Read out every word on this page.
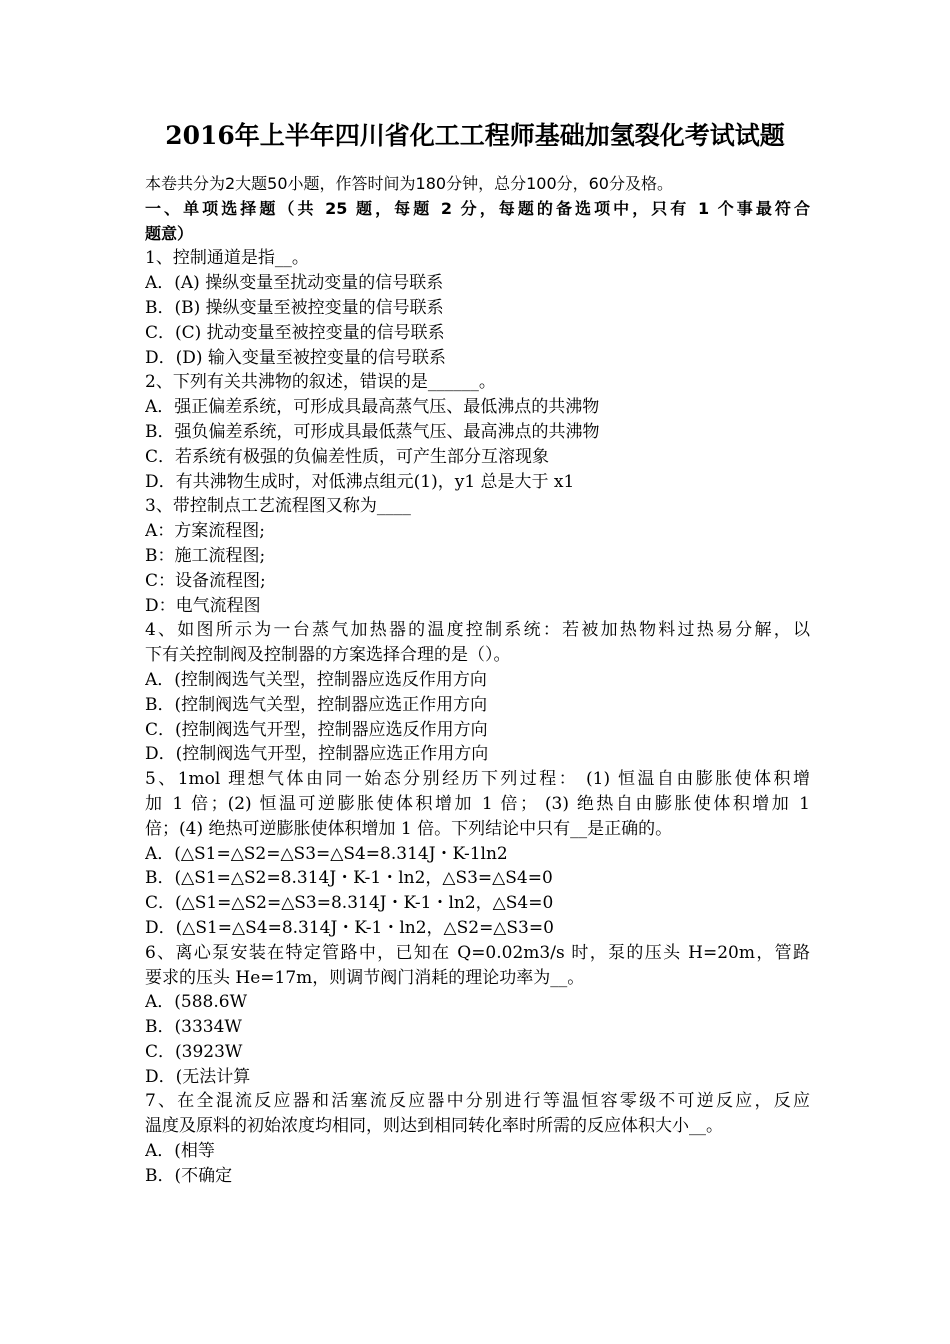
2016年上半年四川省化工工程师基础加氢裂化考试试题
本卷共分为2大题50小题，作答时间为180分钟，总分100分，60分及格。
一、单项选择题（共 25 题，每题 2 分，每题的备选项中，只有 1 个事最符合
题意）
1、控制通道是指__。
A．(A) 操纵变量至扰动变量的信号联系
B．(B) 操纵变量至被控变量的信号联系
C．(C) 扰动变量至被控变量的信号联系
D．(D) 输入变量至被控变量的信号联系
2、下列有关共沸物的叙述，错误的是______。
A．强正偏差系统，可形成具最高蒸气压、最低沸点的共沸物
B．强负偏差系统，可形成具最低蒸气压、最高沸点的共沸物
C．若系统有极强的负偏差性质，可产生部分互溶现象
D．有共沸物生成时，对低沸点组元(1)，y1 总是大于 x1
3、带控制点工艺流程图又称为____
A：方案流程图;
B：施工流程图;
C：设备流程图;
D：电气流程图
4、如图所示为一台蒸气加热器的温度控制系统：若被加热物料过热易分解，以
下有关控制阀及控制器的方案选择合理的是（）。
A．(控制阀选气关型，控制器应选反作用方向
B．(控制阀选气关型，控制器应选正作用方向
C．(控制阀选气开型，控制器应选反作用方向
D．(控制阀选气开型，控制器应选正作用方向
5、1mol 理想气体由同一始态分别经历下列过程： (1) 恒温自由膨胀使体积增
加 1 倍；(2) 恒温可逆膨胀使体积增加 1 倍； (3) 绝热自由膨胀使体积增加 1
倍；(4) 绝热可逆膨胀使体积增加 1 倍。下列结论中只有__是正确的。
A．(△S1=△S2=△S3=△S4=8.314J・K-1ln2
B．(△S1=△S2=8.314J・K-1・ln2，△S3=△S4=0
C．(△S1=△S2=△S3=8.314J・K-1・ln2，△S4=0
D．(△S1=△S4=8.314J・K-1・ln2，△S2=△S3=0
6、离心泵安装在特定管路中，已知在 Q=0.02m3/s 时，泵的压头 H=20m，管路
要求的压头 He=17m，则调节阀门消耗的理论功率为__。
A．(588.6W
B．(3334W
C．(3923W
D．(无法计算
7、在全混流反应器和活塞流反应器中分别进行等温恒容零级不可逆反应，反应
温度及原料的初始浓度均相同，则达到相同转化率时所需的反应体积大小__。
A．(相等
B．(不确定
